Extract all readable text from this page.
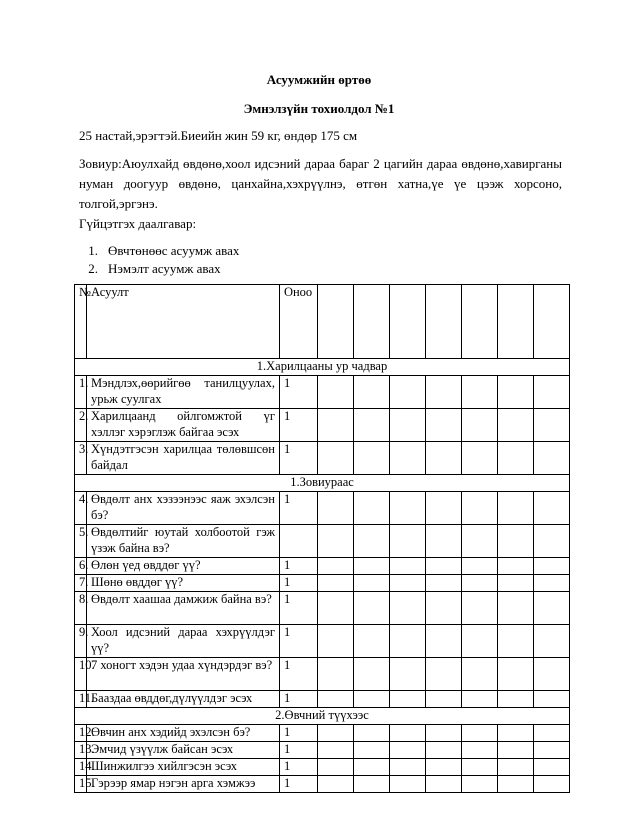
Асуумжийн өртөө
Эмнэлзүйн тохиолдол №1
25 настай,эрэгтэй.Биеийн жин 59 кг, өндөр 175 см
Зовиур:Аюулхайд өвдөнө,хоол идсэний дараа бараг 2 цагийн дараа өвдөнө,хавирганы нуман доогуур өвдөнө, цанхайна,хэхрүүлнэ, өтгөн хатна,үе үе цээж хорсоно, толгой,эргэнэ.
Гүйцэтгэх даалгавар:
1. Өвчтөнөөс асуумж авах
2. Нэмэлт асуумж авах
№	Асуулт	Оноо							
1.Харилцааны ур чадвар									
1.	Мэндлэх,өөрийгөө танилцуулах, урьж суулгах	1							
2.	Харилцаанд ойлгомжтой үг хэллэг хэрэглэж байгаа эсэх	1							
3.	Хүндэтгэсэн харилцаа төлөвшсөн байдал	1							
1.Зовиураас									
4.	Өвдөлт анх хэзээнээс яаж эхэлсэн бэ?	1							
5.	Өвдөлтийг юутай холбоотой гэж үзэж байна вэ?								
6.	Өлөн үед өвддөг үү?	1							
7.	Шөнө өвддөг үү?	1							
8.	Өвдөлт хаашаа дамжиж байна вэ?	1							
9.	Хоол идсэний дараа хэхрүүлдэг үү?	1							
10.	7 хоногт хэдэн удаа хүндэрдэг вэ?	1							
11.	Бааздаа өвддөг,дүлүүлдэг эсэх	1							
2.Өвчний түүхээс									
12.	Өвчин анх хэдийд эхэлсэн бэ?	1							
13.	Эмчид үзүүлж байсан эсэх	1							
14.	Шинжилгээ хийлгэсэн эсэх	1							
15.	Гэрээр ямар нэгэн арга хэмжээ	1							
